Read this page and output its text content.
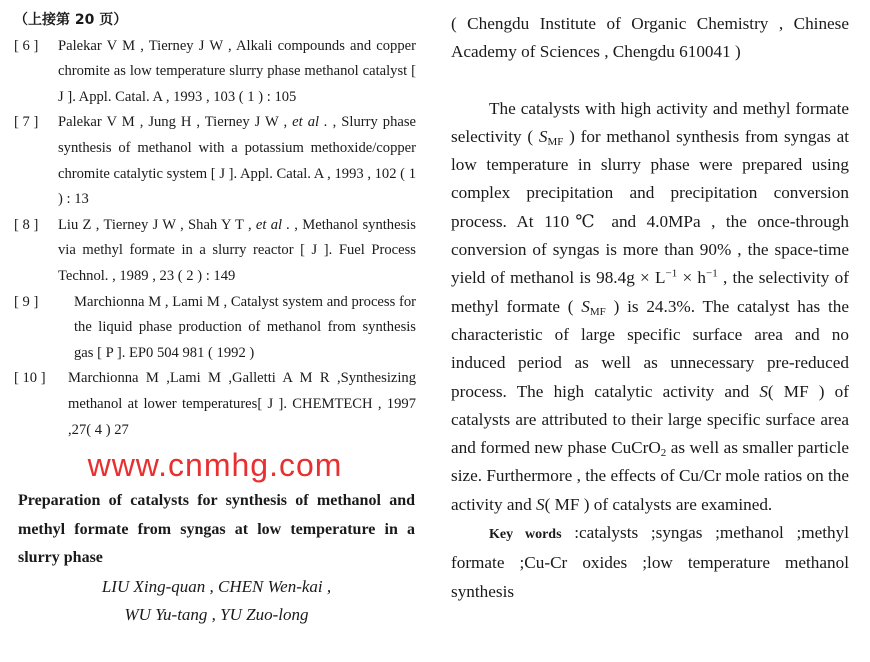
（上接第 20 页）
[ 6 ]	Palekar V M , Tierney J W , Alkali compounds and copper chromite as low temperature slurry phase methanol catalyst [ J ]. Appl. Catal. A , 1993 , 103 ( 1 ) : 105
[ 7 ]	Palekar V M , Jung H , Tierney J W , et al . , Slurry phase synthesis of methanol with a potassium methoxide/copper chromite catalytic system [ J ]. Appl. Catal. A , 1993 , 102 ( 1 ) : 13
[ 8 ]	Liu Z , Tierney J W , Shah Y T , et al . , Methanol synthesis via methyl formate in a slurry reactor [ J ]. Fuel Process Technol. , 1989 , 23 ( 2 ) : 149
[ 9 ]	Marchionna M , Lami M , Catalyst system and process for the liquid phase production of methanol from synthesis gas [ P ]. EP0 504 981 ( 1992 )
[ 10 ]	Marchionna M ,Lami M ,Galletti A M R ,Synthesizing methanol at lower temperatures[ J ]. CHEMTECH , 1997 ,27( 4 ) 27
www.cnmhg.com
Preparation of catalysts for synthesis of methanol and methyl formate from syngas at low temperature in a slurry phase
LIU Xing-quan , CHEN Wen-kai ,
WU Yu-tang , YU Zuo-long

( Chengdu Institute of Organic Chemistry , Chinese Academy of Sciences , Chengdu 610041 )

The catalysts with high activity and methyl formate selectivity ( $S_{MF}$ ) for methanol synthesis from syngas at low temperature in slurry phase were prepared using complex precipitation and precipitation conversion process. At 110℃ and 4.0MPa , the once-through conversion of syngas is more than 90% , the space-time yield of methanol is $98.4g \times L^{-1} \times h^{-1}$ , the selectivity of methyl formate ( $S_{MF}$ ) is 24.3%. The catalyst has the characteristic of large specific surface area and no induced period as well as unnecessary pre-reduced process. The high catalytic activity and S( MF ) of catalysts are attributed to their large specific surface area and formed new phase CuCrO$_2$ as well as smaller particle size. Furthermore , the effects of Cu/Cr mole ratios on the activity and S( MF ) of catalysts are examined.

Key words :catalysts ;syngas ;methanol ;methyl formate ;Cu-Cr oxides ;low temperature methanol synthesis
